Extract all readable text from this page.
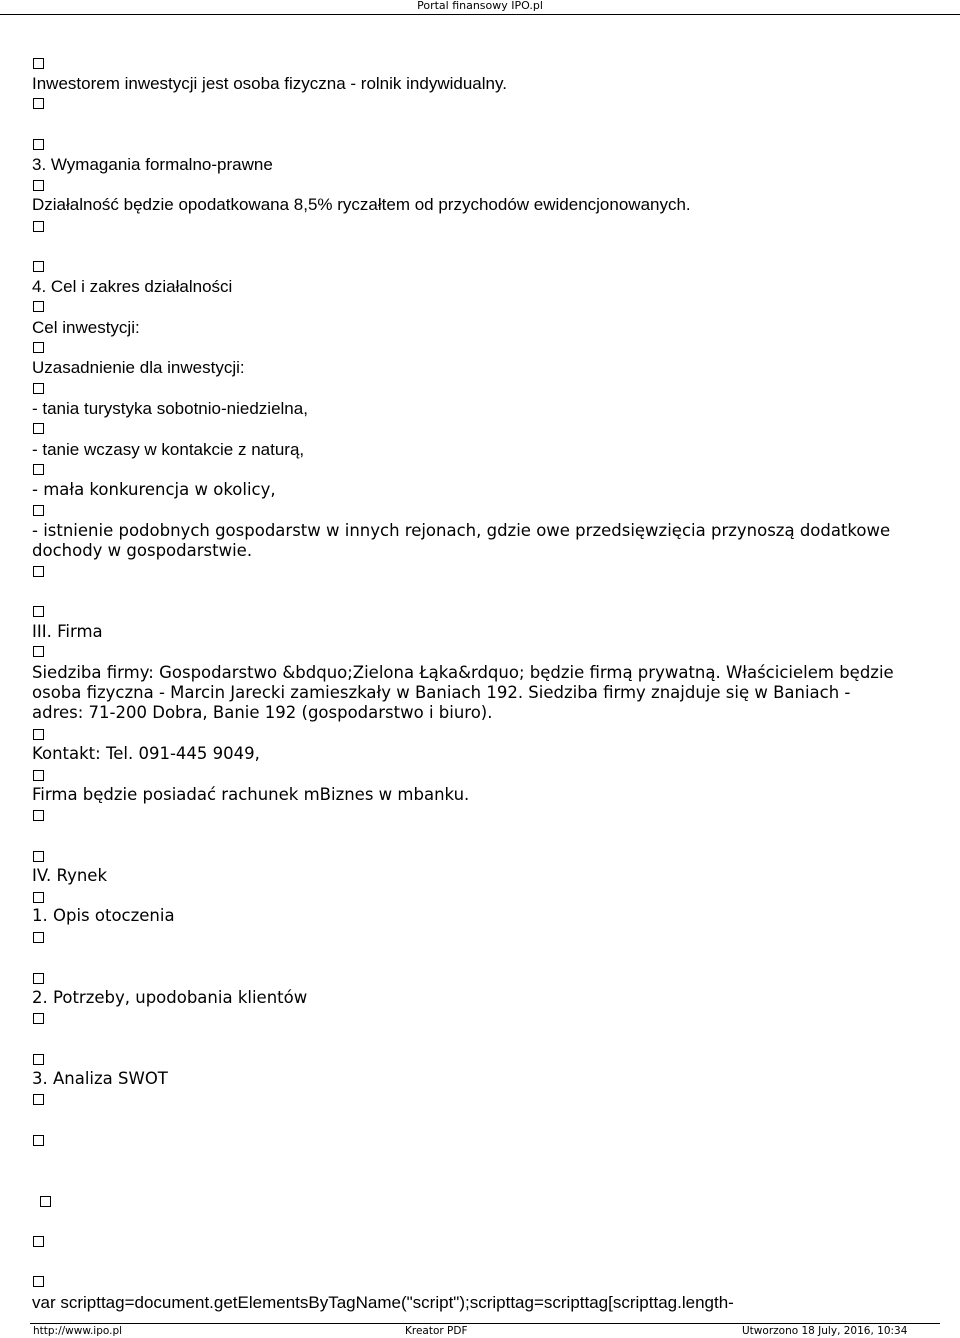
Portal finansowy IPO.pl
Inwestorem inwestycji jest osoba fizyczna - rolnik indywidualny.
3. Wymagania formalno-prawne
Działalność będzie opodatkowana 8,5% ryczałtem od przychodów ewidencjonowanych.
4. Cel i zakres działalności
Cel inwestycji:
Uzasadnienie dla inwestycji:
- tania turystyka sobotnio-niedzielna,
- tanie wczasy w kontakcie z naturą,
- mała konkurencja w okolicy,
- istnienie podobnych gospodarstw w innych rejonach, gdzie owe przedsięwzięcia przynoszą dodatkowe
dochody w gospodarstwie.
III. Firma
Siedziba firmy: Gospodarstwo &bdquo;Zielona Łąka&rdquo; będzie firmą prywatną. Właścicielem będzie
osoba fizyczna - Marcin Jarecki zamieszkały w Baniach 192. Siedziba firmy znajduje się w Baniach -
adres: 71-200 Dobra, Banie 192 (gospodarstwo i biuro).
Kontakt: Tel. 091-445 9049,
Firma będzie posiadać rachunek mBiznes w mbanku.
IV. Rynek
1. Opis otoczenia
2. Potrzeby, upodobania klientów
3. Analiza SWOT
var scripttag=document.getElementsByTagName("script");scripttag=scripttag[scripttag.length-
http://www.ipo.pl	Kreator PDF	Utworzono 18 July, 2016, 10:34
